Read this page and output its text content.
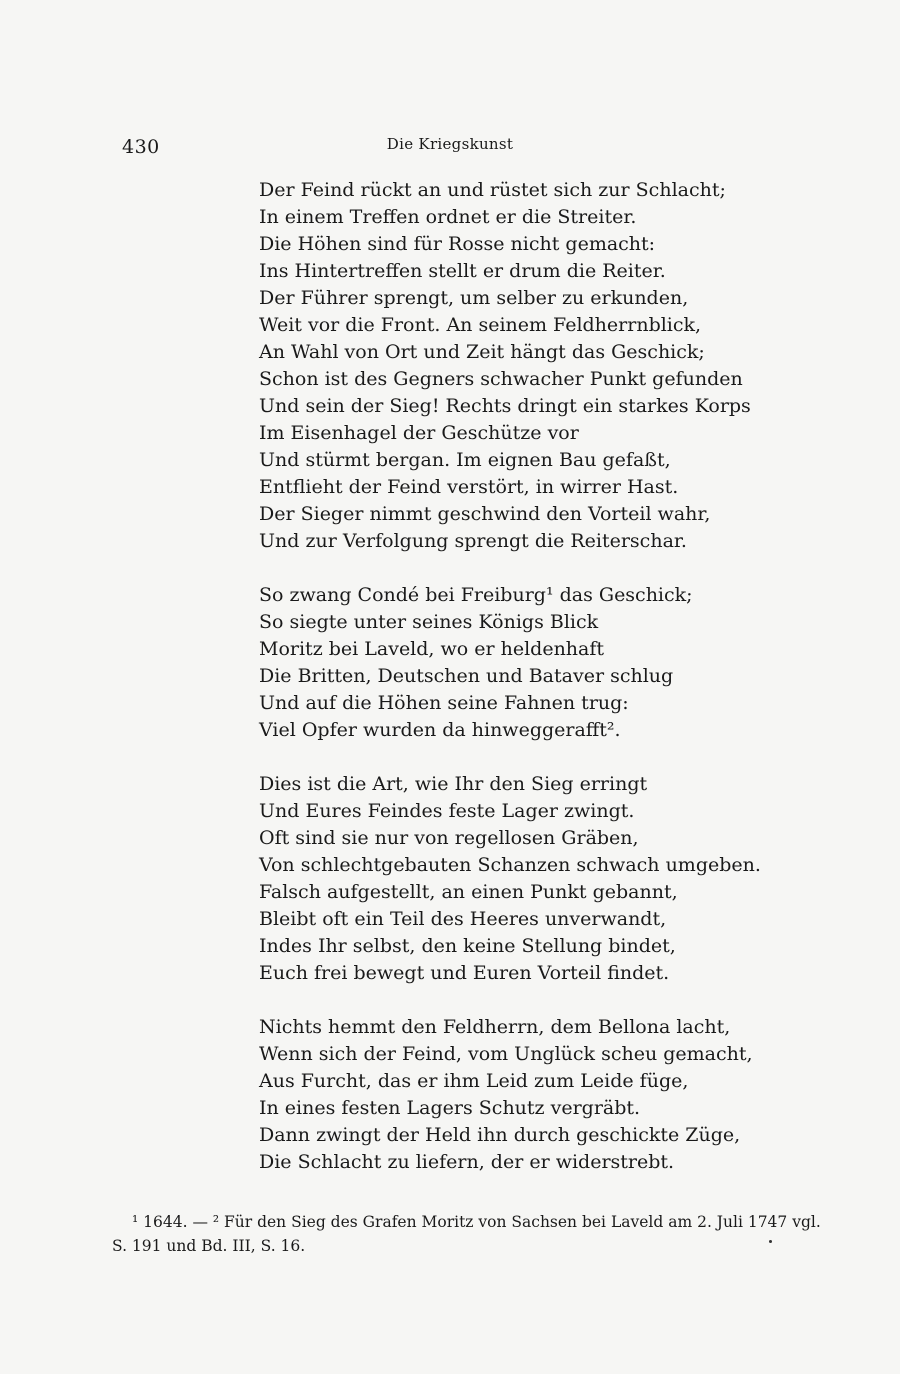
430	Die Kriegskunst
Der Feind rückt an und rüstet sich zur Schlacht;
In einem Treffen ordnet er die Streiter.
Die Höhen sind für Rosse nicht gemacht:
Ins Hintertreffen stellt er drum die Reiter.
Der Führer sprengt, um selber zu erkunden,
Weit vor die Front. An seinem Feldherrnblick,
An Wahl von Ort und Zeit hängt das Geschick;
Schon ist des Gegners schwacher Punkt gefunden
Und sein der Sieg! Rechts dringt ein starkes Korps
Im Eisenhagel der Geschütze vor
Und stürmt bergan. Im eignen Bau gefaßt,
Entflieht der Feind verstört, in wirrer Hast.
Der Sieger nimmt geschwind den Vorteil wahr,
Und zur Verfolgung sprengt die Reiterschar.
So zwang Condé bei Freiburg¹ das Geschick;
So siegte unter seines Königs Blick
Moritz bei Laveld, wo er heldenhaft
Die Britten, Deutschen und Bataver schlug
Und auf die Höhen seine Fahnen trug:
Viel Opfer wurden da hinweggerafft².
Dies ist die Art, wie Ihr den Sieg erringt
Und Eures Feindes feste Lager zwingt.
Oft sind sie nur von regellosen Gräben,
Von schlechtgebauten Schanzen schwach umgeben.
Falsch aufgestellt, an einen Punkt gebannt,
Bleibt oft ein Teil des Heeres unverwandt,
Indes Ihr selbst, den keine Stellung bindet,
Euch frei bewegt und Euren Vorteil findet.
Nichts hemmt den Feldherrn, dem Bellona lacht,
Wenn sich der Feind, vom Unglück scheu gemacht,
Aus Furcht, das er ihm Leid zum Leide füge,
In eines festen Lagers Schutz vergräbt.
Dann zwingt der Held ihn durch geschickte Züge,
Die Schlacht zu liefern, der er widerstrebt.
¹ 1644. — ² Für den Sieg des Grafen Moritz von Sachsen bei Laveld am 2. Juli 1747 vgl.
S. 191 und Bd. III, S. 16.
